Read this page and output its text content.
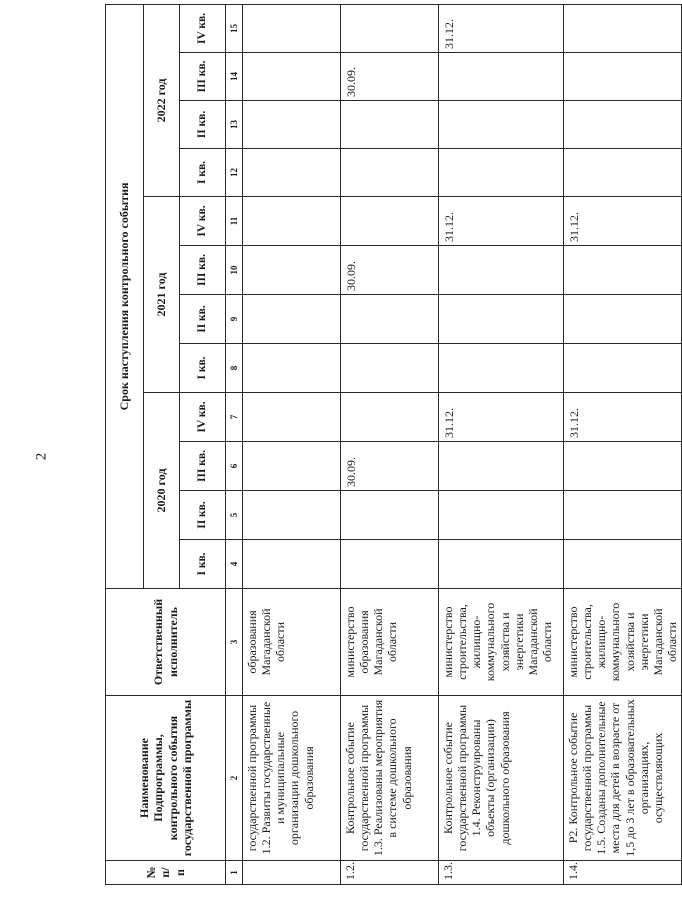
2
№ п/п	Наименование Подпрограммы, контрольного события государственной программы	Ответственный исполнитель	Срок наступления контрольного события											
			2020 год				2021 год				2022 год			
			I кв.	II кв.	III кв.	IV кв.	I кв.	II кв.	III кв.	IV кв.	I кв.	II кв.	III кв.	IV кв.
1	2	3	4	5	6	7	8	9	10	11	12	13	14	15
	государственной программы 1.2. Развиты государственные и муниципальные организации дошкольного образования	образования Магаданской области												
1.2.	Контрольное событие государственной программы 1.3. Реализованы мероприятия в системе дошкольного образования	министерство образования Магаданской области			30.09.				30.09.				30.09.	
1.3.	Контрольное событие государственной программы 1.4. Реконструированы объекты (организации) дошкольного образования	министерство строительства, жилищно-коммунального хозяйства и энергетики Магаданской области				31.12.				31.12.				31.12.
1.4.	Р2. Контрольное событие государственной программы 1.5. Созданы дополнительные места для детей в возрасте от 1,5 до 3 лет в образовательных организациях, осуществляющих	министерство строительства, жилищно-коммунального хозяйства и энергетики Магаданской области				31.12.				31.12.				
